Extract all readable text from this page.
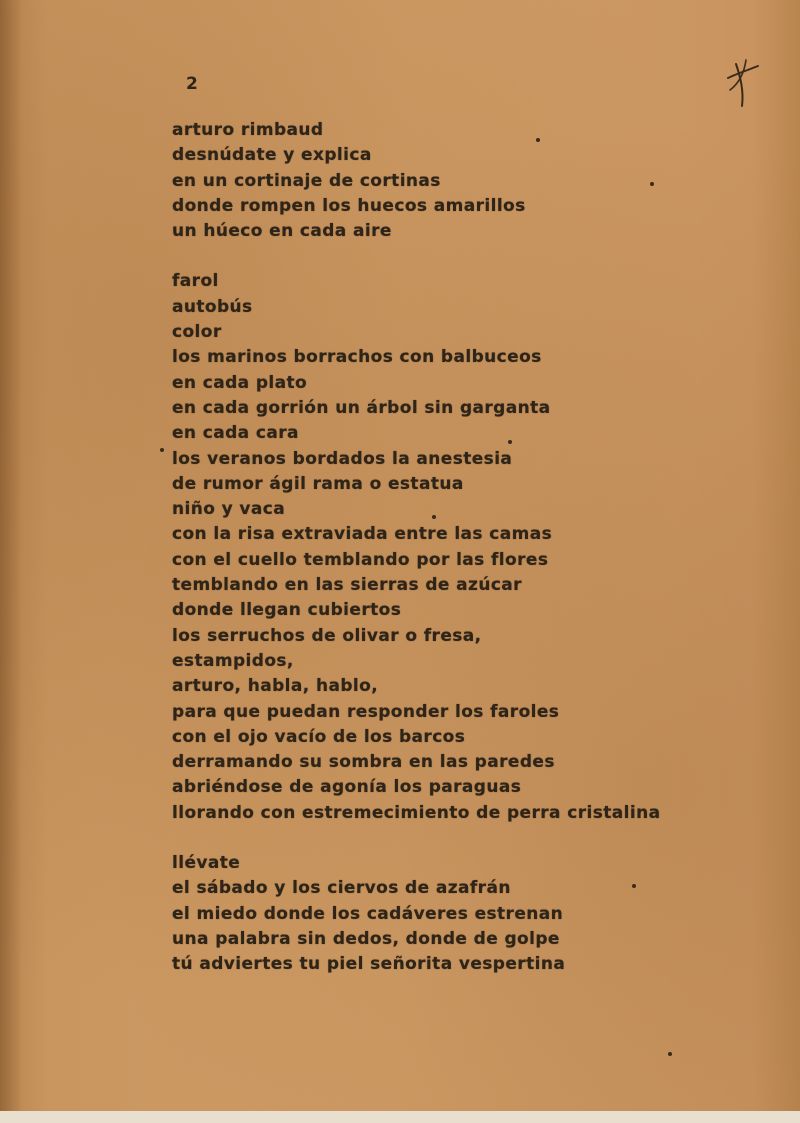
2
arturo rimbaud
desnúdate y explica
en un cortinaje de cortinas
donde rompen los huecos amarillos
un húeco en cada aire
farol
autobús
color
los marinos borrachos con balbuceos
en cada plato
en cada gorrión un árbol sin garganta
en cada cara
los veranos bordados la anestesia
de rumor ágil rama o estatua
niño y vaca
con la risa extraviada entre las camas
con el cuello temblando por las flores
temblando en las sierras de azúcar
donde llegan cubiertos
los serruchos de olivar o fresa,
estampidos,
arturo, habla, hablo,
para que puedan responder los faroles
con el ojo vacío de los barcos
derramando su sombra en las paredes
abriéndose de agonía los paraguas
llorando con estremecimiento de perra cristalina
llévate
el sábado y los ciervos de azafrán
el miedo donde los cadáveres estrenan
una palabra sin dedos, donde de golpe
tú adviertes tu piel señorita vespertina
